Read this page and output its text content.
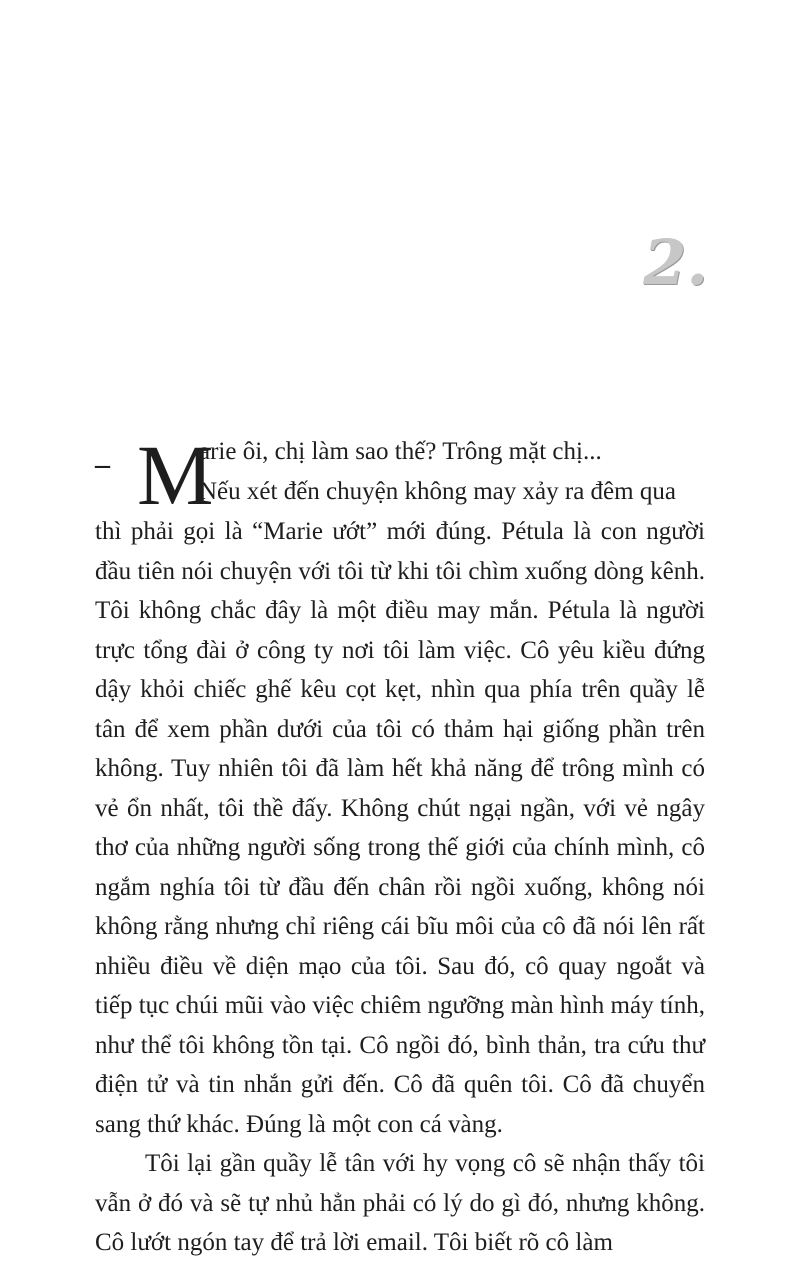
2.
– M
arie ôi, chị làm sao thế? Trông mặt chị...
Nếu xét đến chuyện không may xảy ra đêm qua

thì phải gọi là “Marie ướt” mới đúng. Pétula là con người đầu tiên nói chuyện với tôi từ khi tôi chìm xuống dòng kênh. Tôi không chắc đây là một điều may mắn. Pétula là người trực tổng đài ở công ty nơi tôi làm việc. Cô yêu kiều đứng dậy khỏi chiếc ghế kêu cọt kẹt, nhìn qua phía trên quầy lễ tân để xem phần dưới của tôi có thảm hại giống phần trên không. Tuy nhiên tôi đã làm hết khả năng để trông mình có vẻ ổn nhất, tôi thề đấy. Không chút ngại ngần, với vẻ ngây thơ của những người sống trong thế giới của chính mình, cô ngắm nghía tôi từ đầu đến chân rồi ngồi xuống, không nói không rằng nhưng chỉ riêng cái bĩu môi của cô đã nói lên rất nhiều điều về diện mạo của tôi. Sau đó, cô quay ngoắt và tiếp tục chúi mũi vào việc chiêm ngưỡng màn hình máy tính, như thể tôi không tồn tại. Cô ngồi đó, bình thản, tra cứu thư điện tử và tin nhắn gửi đến. Cô đã quên tôi. Cô đã chuyển sang thứ khác. Đúng là một con cá vàng.

Tôi lại gần quầy lễ tân với hy vọng cô sẽ nhận thấy tôi vẫn ở đó và sẽ tự nhủ hẳn phải có lý do gì đó, nhưng không. Cô lướt ngón tay để trả lời email. Tôi biết rõ cô làm
